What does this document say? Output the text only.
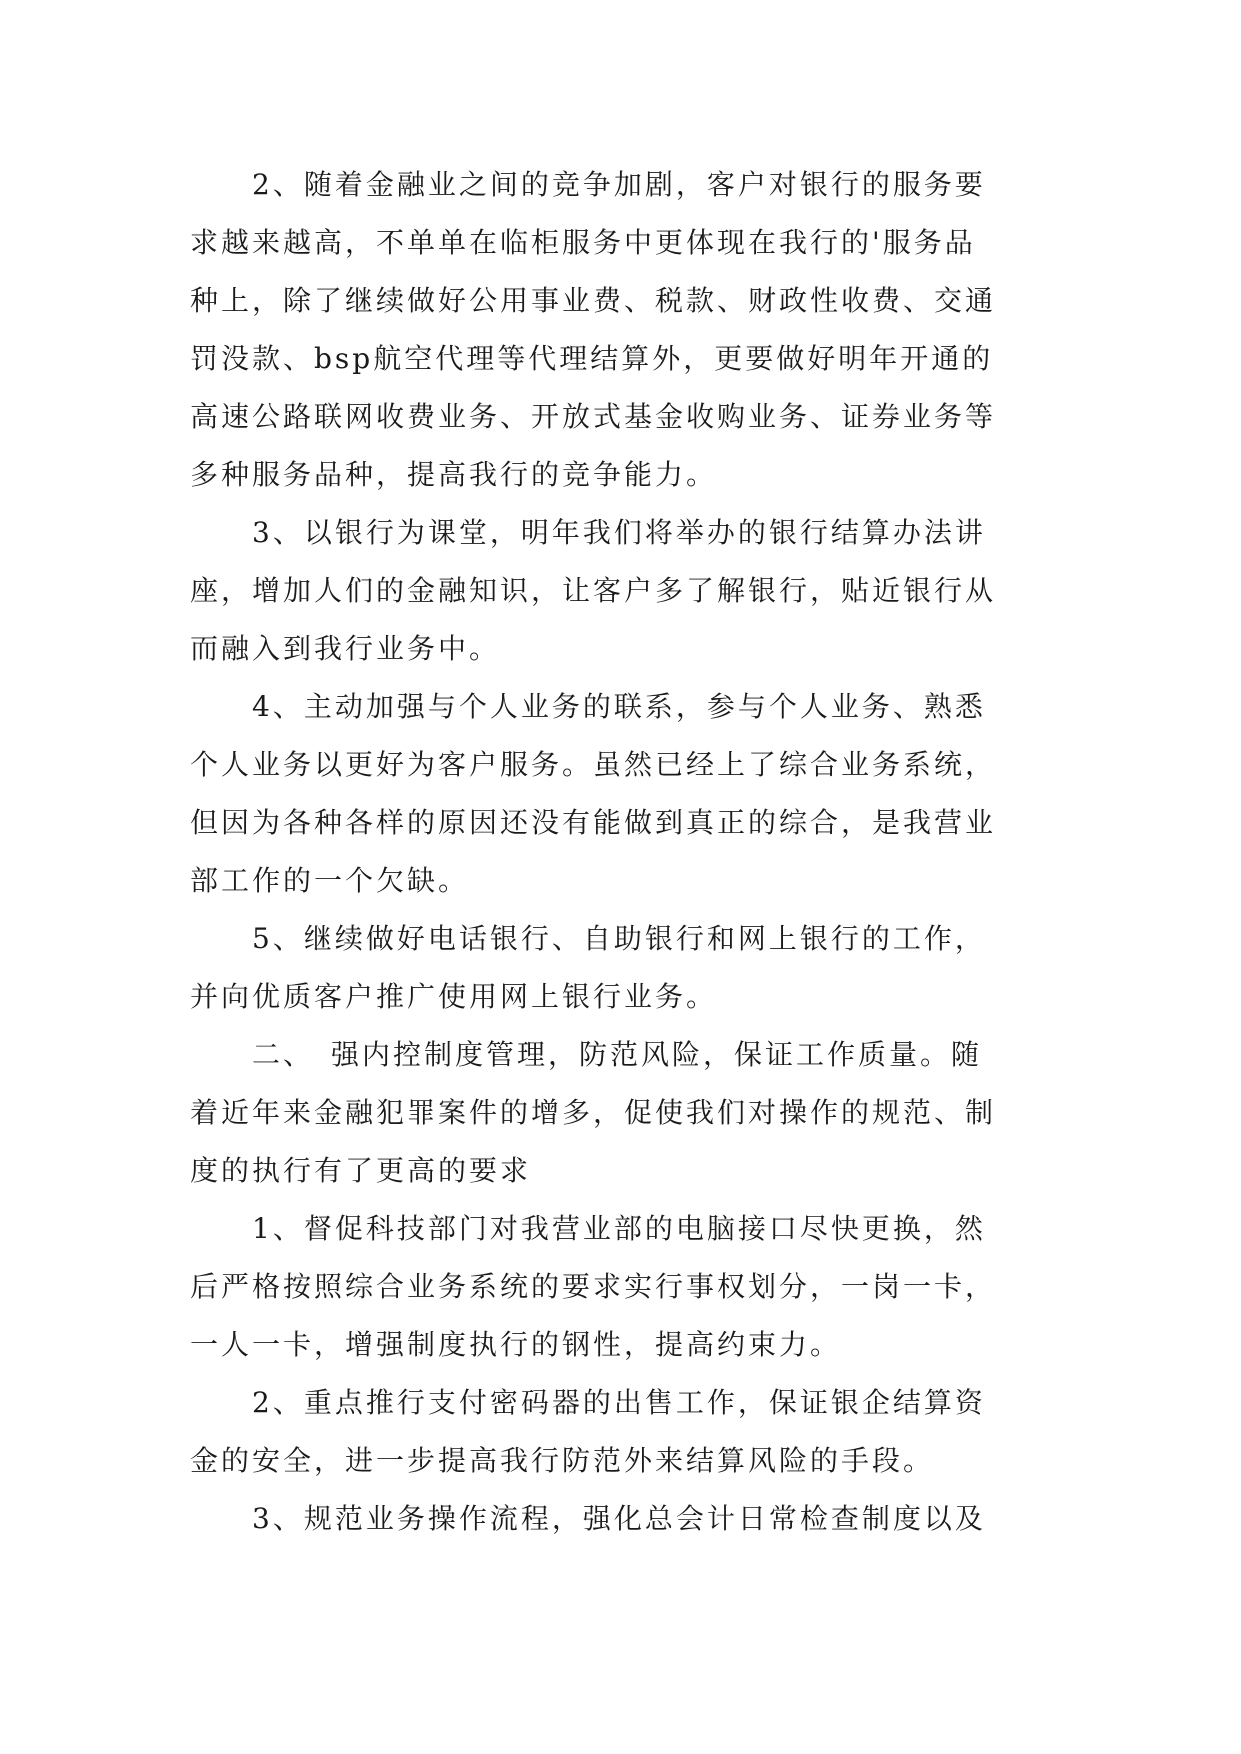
　　2、随着金融业之间的竞争加剧，客户对银行的服务要
求越来越高，不单单在临柜服务中更体现在我行的'服务品
种上，除了继续做好公用事业费、税款、财政性收费、交通
罚没款、bsp航空代理等代理结算外，更要做好明年开通的
高速公路联网收费业务、开放式基金收购业务、证券业务等
多种服务品种，提高我行的竞争能力。

　　3、以银行为课堂，明年我们将举办的银行结算办法讲
座，增加人们的金融知识，让客户多了解银行，贴近银行从
而融入到我行业务中。

　　4、主动加强与个人业务的联系，参与个人业务、熟悉
个人业务以更好为客户服务。虽然已经上了综合业务系统，
但因为各种各样的原因还没有能做到真正的综合，是我营业
部工作的一个欠缺。

　　5、继续做好电话银行、自助银行和网上银行的工作，
并向优质客户推广使用网上银行业务。

　　二、　强内控制度管理，防范风险，保证工作质量。随
着近年来金融犯罪案件的增多，促使我们对操作的规范、制
度的执行有了更高的要求

　　1、督促科技部门对我营业部的电脑接口尽快更换，然
后严格按照综合业务系统的要求实行事权划分，一岗一卡，
一人一卡，增强制度执行的钢性，提高约束力。

　　2、重点推行支付密码器的出售工作，保证银企结算资
金的安全，进一步提高我行防范外来结算风险的手段。

　　3、规范业务操作流程，强化总会计日常检查制度以及
